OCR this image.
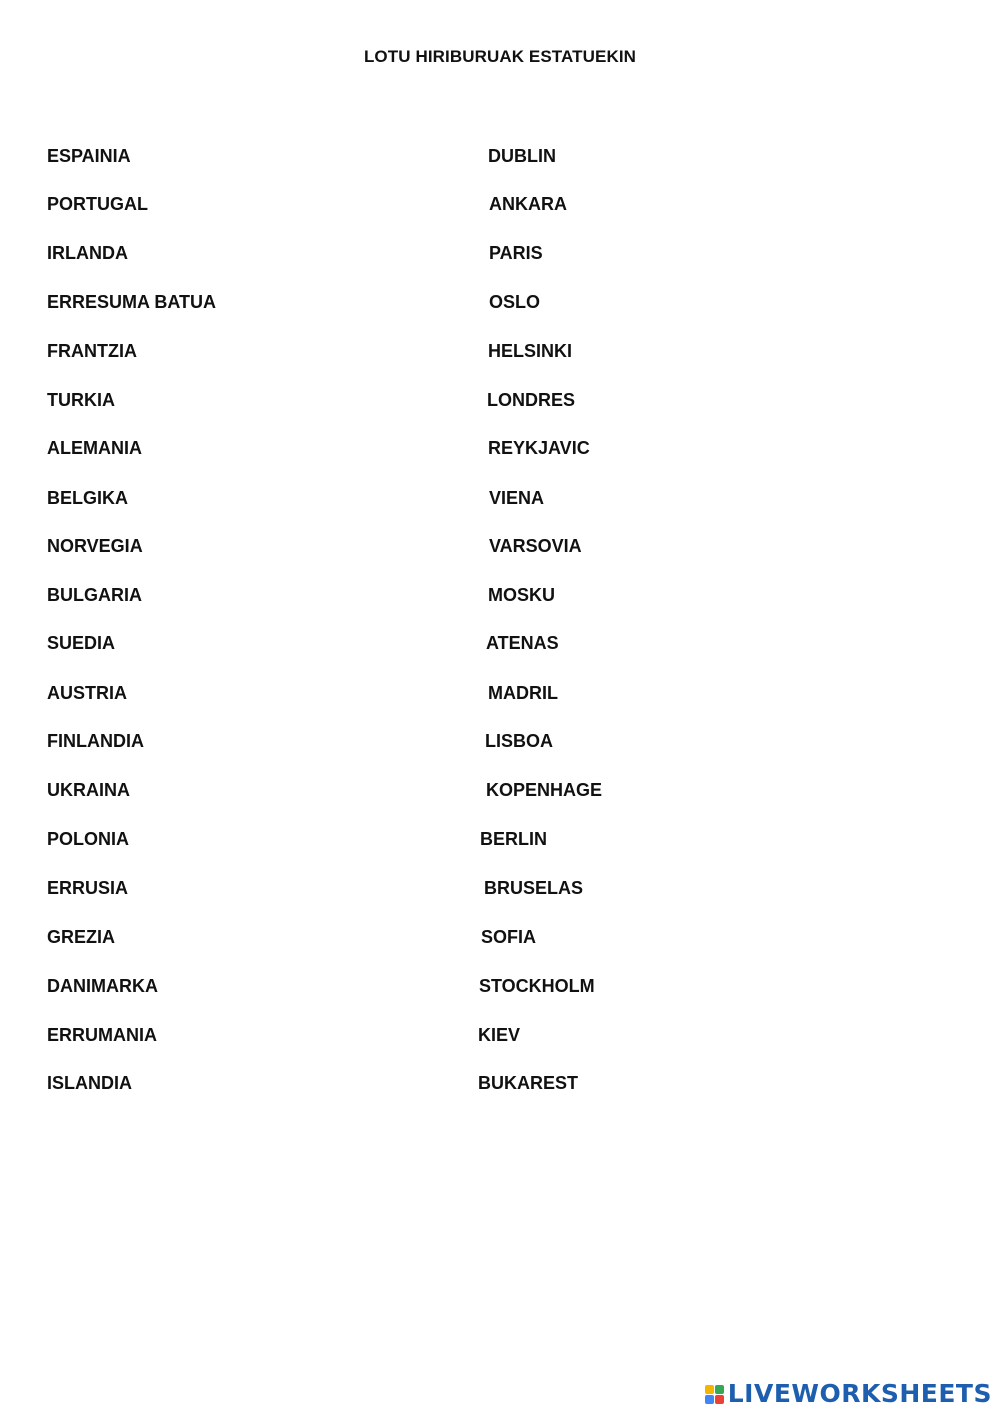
LOTU HIRIBURUAK ESTATUEKIN
ESPAINIA
PORTUGAL
IRLANDA
ERRESUMA BATUA
FRANTZIA
TURKIA
ALEMANIA
BELGIKA
NORVEGIA
BULGARIA
SUEDIA
AUSTRIA
FINLANDIA
UKRAINA
POLONIA
ERRUSIA
GREZIA
DANIMARKA
ERRUMANIA
ISLANDIA
DUBLIN
ANKARA
PARIS
OSLO
HELSINKI
LONDRES
REYKJAVIC
VIENA
VARSOVIA
MOSKU
ATENAS
MADRIL
LISBOA
KOPENHAGE
BERLIN
BRUSELAS
SOFIA
STOCKHOLM
KIEV
BUKAREST
LIVEWORKSHEETS
